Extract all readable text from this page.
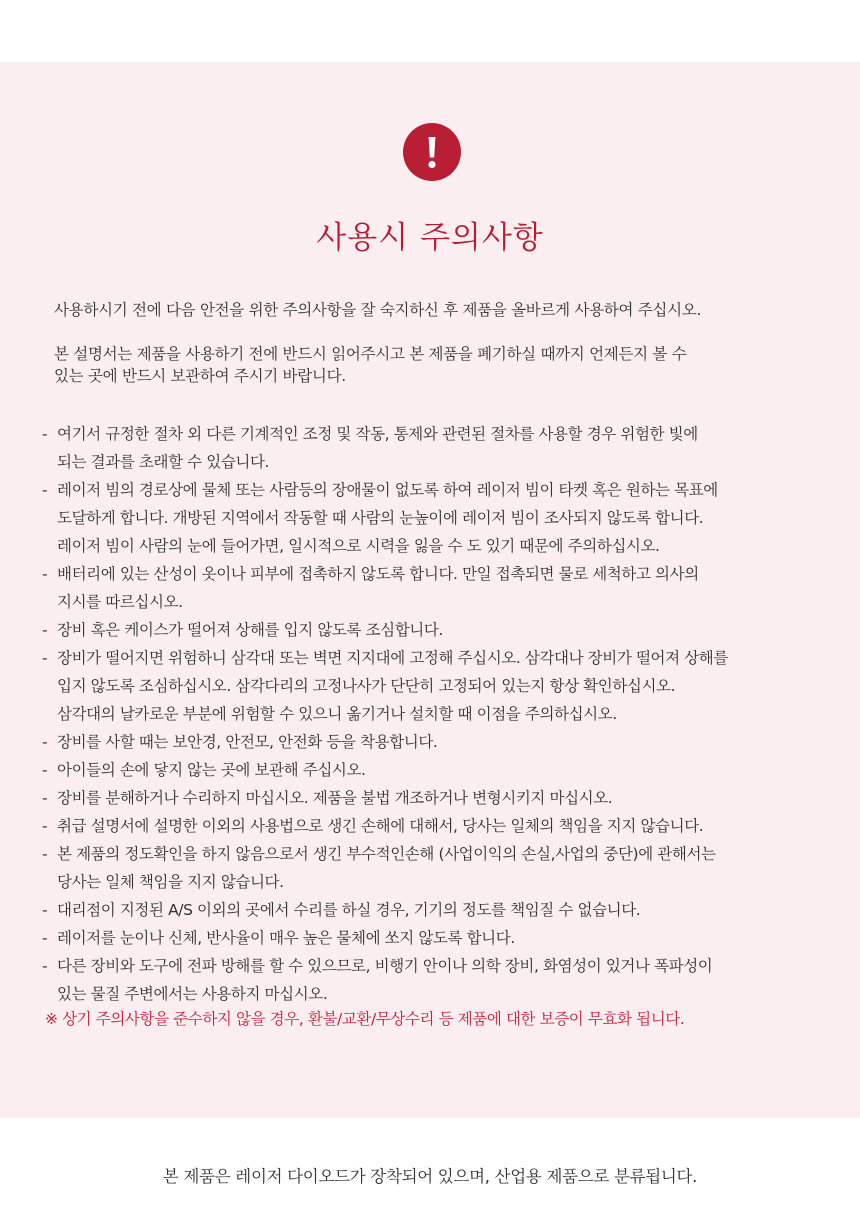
사용시 주의사항

사용하시기 전에 다음 안전을 위한 주의사항을 잘 숙지하신 후 제품을 올바르게 사용하여 주십시오.

본 설명서는 제품을 사용하기 전에 반드시 읽어주시고 본 제품을 폐기하실 때까지 언제든지 볼 수
있는 곳에 반드시 보관하여 주시기 바랍니다.

- 여기서 규정한 절차 외 다른 기계적인 조정 및 작동, 통제와 관련된 절차를 사용할 경우 위험한 빛에
되는 결과를 초래할 수 있습니다.
- 레이저 빔의 경로상에 물체 또는 사람등의 장애물이 없도록 하여 레이저 빔이 타켓 혹은 원하는 목표에
도달하게 합니다. 개방된 지역에서 작동할 때 사람의 눈높이에 레이저 빔이 조사되지 않도록 합니다.
레이저 빔이 사람의 눈에 들어가면, 일시적으로 시력을 잃을 수 도 있기 때문에 주의하십시오.
- 배터리에 있는 산성이 옷이나 피부에 접촉하지 않도록 합니다. 만일 접촉되면 물로 세척하고 의사의
지시를 따르십시오.
- 장비 혹은 케이스가 떨어져 상해를 입지 않도록 조심합니다.
- 장비가 떨어지면 위험하니 삼각대 또는 벽면 지지대에 고정해 주십시오. 삼각대나 장비가 떨어져 상해를
입지 않도록 조심하십시오. 삼각다리의 고정나사가 단단히 고정되어 있는지 항상 확인하십시오.
삼각대의 날카로운 부분에 위험할 수 있으니 옮기거나 설치할 때 이점을 주의하십시오.
- 장비를 사할 때는 보안경, 안전모, 안전화 등을 착용합니다.
- 아이들의 손에 닿지 않는 곳에 보관해 주십시오.
- 장비를 분해하거나 수리하지 마십시오. 제품을 불법 개조하거나 변형시키지 마십시오.
- 취급 설명서에 설명한 이외의 사용법으로 생긴 손해에 대해서, 당사는 일체의 책임을 지지 않습니다.
- 본 제품의 정도확인을 하지 않음으로서 생긴 부수적인손해 (사업이익의 손실,사업의 중단)에 관해서는
당사는 일체 책임을 지지 않습니다.
- 대리점이 지정된 A/S 이외의 곳에서 수리를 하실 경우, 기기의 정도를 책임질 수 없습니다.
- 레이저를 눈이나 신체, 반사율이 매우 높은 물체에 쏘지 않도록 합니다.
- 다른 장비와 도구에 전파 방해를 할 수 있으므로, 비행기 안이나 의학 장비, 화염성이 있거나 폭파성이
있는 물질 주변에서는 사용하지 마십시오.

※ 상기 주의사항을 준수하지 않을 경우, 환불/교환/무상수리 등 제품에 대한 보증이 무효화 됩니다.

본 제품은 레이저 다이오드가 장착되어 있으며, 산업용 제품으로 분류됩니다.
